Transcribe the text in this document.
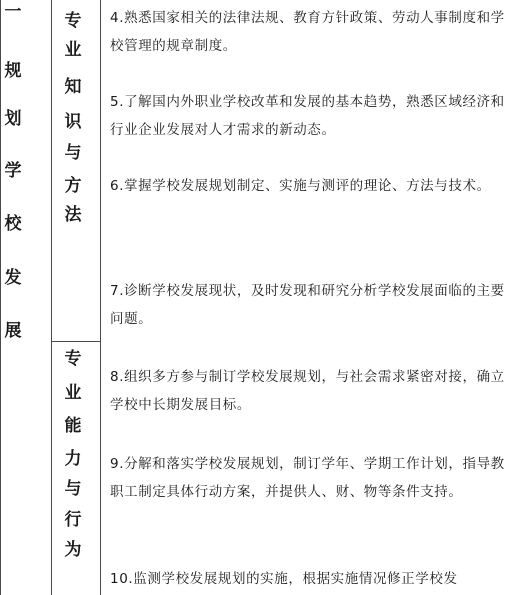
一
规
划
学
校
发
展
专
业
知
识
与
方
法
专
业
能
力
与
行
为

4.熟悉国家相关的法律法规、教育方针政策、劳动人事制度和学校管理的规章制度。

5.了解国内外职业学校改革和发展的基本趋势，熟悉区域经济和行业企业发展对人才需求的新动态。

6.掌握学校发展规划制定、实施与测评的理论、方法与技术。

7.诊断学校发展现状，及时发现和研究分析学校发展面临的主要问题。

8.组织多方参与制订学校发展规划，与社会需求紧密对接，确立学校中长期发展目标。

9.分解和落实学校发展规划，制订学年、学期工作计划，指导教职工制定具体行动方案，并提供人、财、物等条件支持。

10.监测学校发展规划的实施，根据实施情况修正学校发
